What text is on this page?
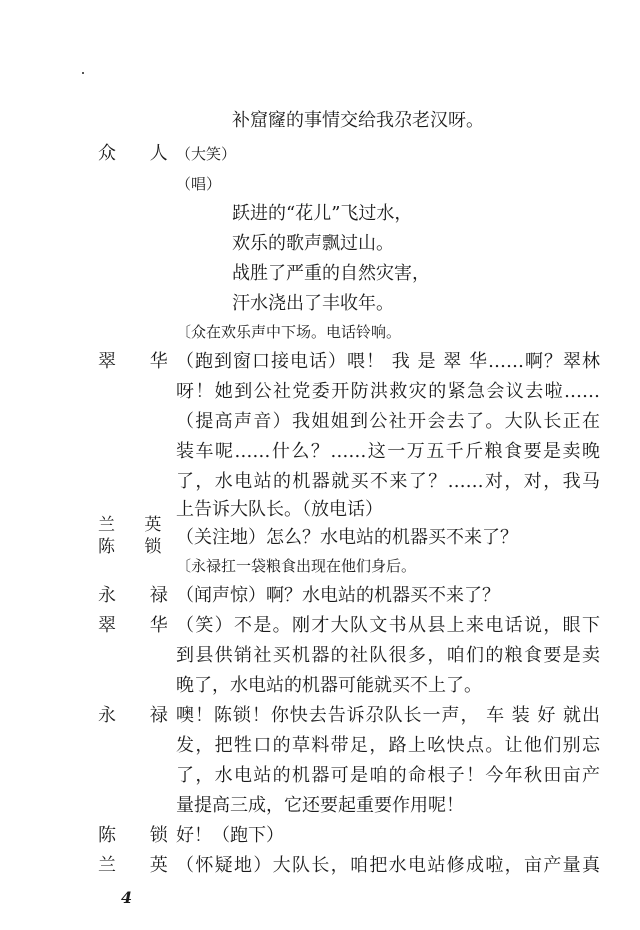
补窟窿的事情交给我尕老汉呀。
众 人
（大笑）
（唱）
跃进的“花儿”飞过水，
欢乐的歌声飘过山。
战胜了严重的自然灾害，
汗水浇出了丰收年。
〔众在欢乐声中下场。电话铃响。
翠 华
（跑到窗口接电话）喂！ 我 是 翠 华……啊？翠林
呀！她到公社党委开防洪救灾的紧急会议去啦……
（提高声音）我姐姐到公社开会去了。大队长正在
装车呢……什么？……这一万五千斤粮食要是卖晚
了，水电站的机器就买不来了？……对，对，我马
上告诉大队长。（放电话）
兰 英
陈 锁 （关注地）怎么？水电站的机器买不来了？
〔永禄扛一袋粮食出现在他们身后。
永 禄
（闻声惊）啊？水电站的机器买不来了？
翠 华
（笑）不是。刚才大队文书从县上来电话说，眼下
到县供销社买机器的社队很多，咱们的粮食要是卖
晚了，水电站的机器可能就买不上了。
永 禄
噢！陈锁！你快去告诉尕队长一声， 车 装 好 就出
发，把牲口的草料带足，路上吆快点。让他们别忘
了，水电站的机器可是咱的命根子！今年秋田亩产
量提高三成，它还要起重要作用呢！
陈 锁
好！（跑下）
兰 英
（怀疑地）大队长，咱把水电站修成啦，亩产量真
4
